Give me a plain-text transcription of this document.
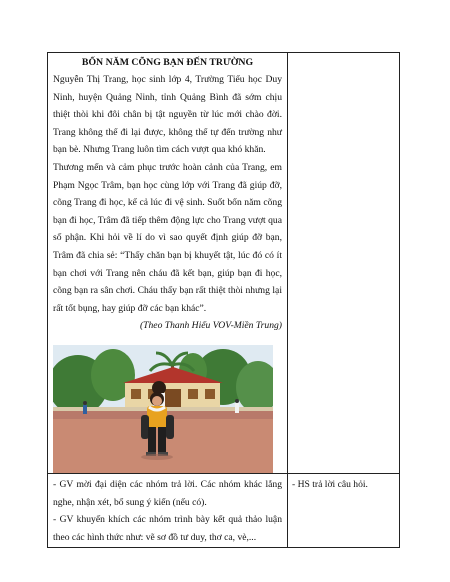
BỐN NĂM CÕNG BẠN ĐẾN TRƯỜNG

Nguyễn Thị Trang, học sinh lớp 4, Trường Tiểu học Duy Ninh, huyện Quảng Ninh, tỉnh Quảng Bình đã sớm chịu thiệt thòi khi đôi chân bị tật nguyền từ lúc mới chào đời. Trang không thể đi lại được, không thể tự đến trường như bạn bè. Nhưng Trang luôn tìm cách vượt qua khó khăn.

Thương mến và cảm phục trước hoàn cảnh của Trang, em Phạm Ngọc Trâm, bạn học cùng lớp với Trang đã giúp đỡ, cõng Trang đi học, kể cả lúc đi vệ sinh. Suốt bốn năm cõng bạn đi học, Trâm đã tiếp thêm động lực cho Trang vượt qua số phận. Khi hỏi về lí do vì sao quyết định giúp đỡ bạn, Trâm đã chia sẻ: “Thấy chăn bạn bị khuyết tật, lúc đó có ít bạn chơi với Trang nên cháu đã kết bạn, giúp bạn đi học, cõng bạn ra sân chơi. Cháu thấy bạn rất thiệt thòi nhưng lại rất tốt bụng, hay giúp đỡ các bạn khác”.

(Theo Thanh Hiếu VOV-Miền Trung)	

- GV mời đại diện các nhóm trả lời. Các nhóm khác lắng nghe, nhận xét, bổ sung ý kiến (nếu có).

- GV khuyến khích các nhóm trình bày kết quả thảo luận theo các hình thức như: vẽ sơ đồ tư duy, thơ ca, vè,...	- HS trả lời câu hỏi.
